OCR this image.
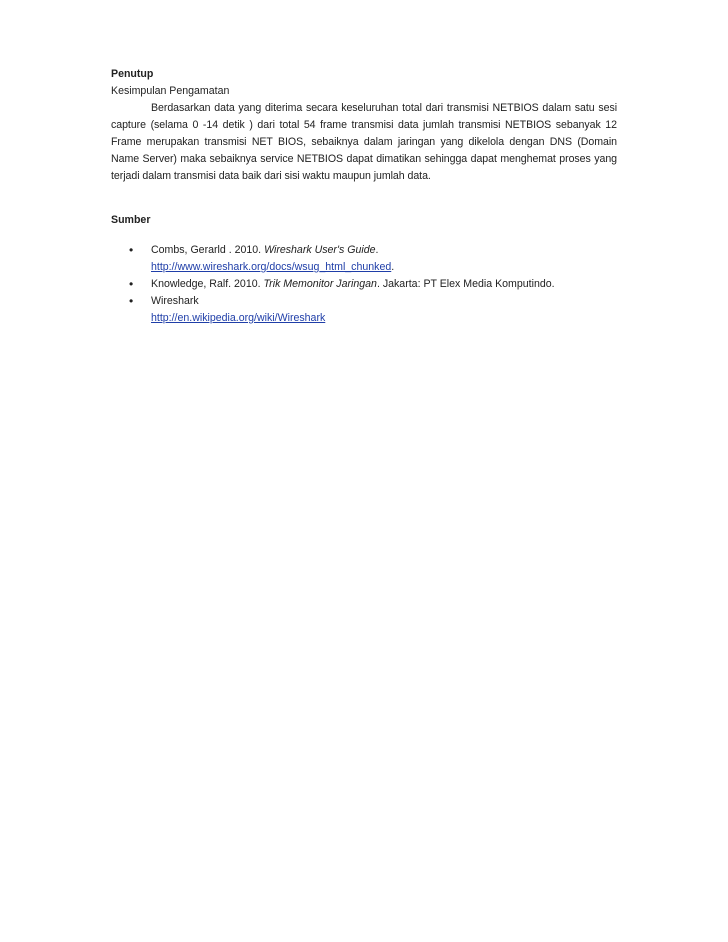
Penutup

Kesimpulan Pengamatan

Berdasarkan data yang diterima secara keseluruhan total dari transmisi NETBIOS dalam satu sesi capture (selama 0 -14 detik ) dari total 54 frame transmisi data jumlah transmisi NETBIOS sebanyak 12 Frame merupakan transmisi NET BIOS, sebaiknya dalam jaringan yang dikelola dengan DNS (Domain Name Server) maka sebaiknya service NETBIOS dapat dimatikan sehingga dapat menghemat proses yang terjadi dalam transmisi data baik dari sisi waktu maupun jumlah data.

Sumber

• Combs, Gerarld . 2010. Wireshark User's Guide.
http://www.wireshark.org/docs/wsug_html_chunked.
• Knowledge, Ralf. 2010. Trik Memonitor Jaringan. Jakarta: PT Elex Media Komputindo.
• Wireshark
http://en.wikipedia.org/wiki/Wireshark
